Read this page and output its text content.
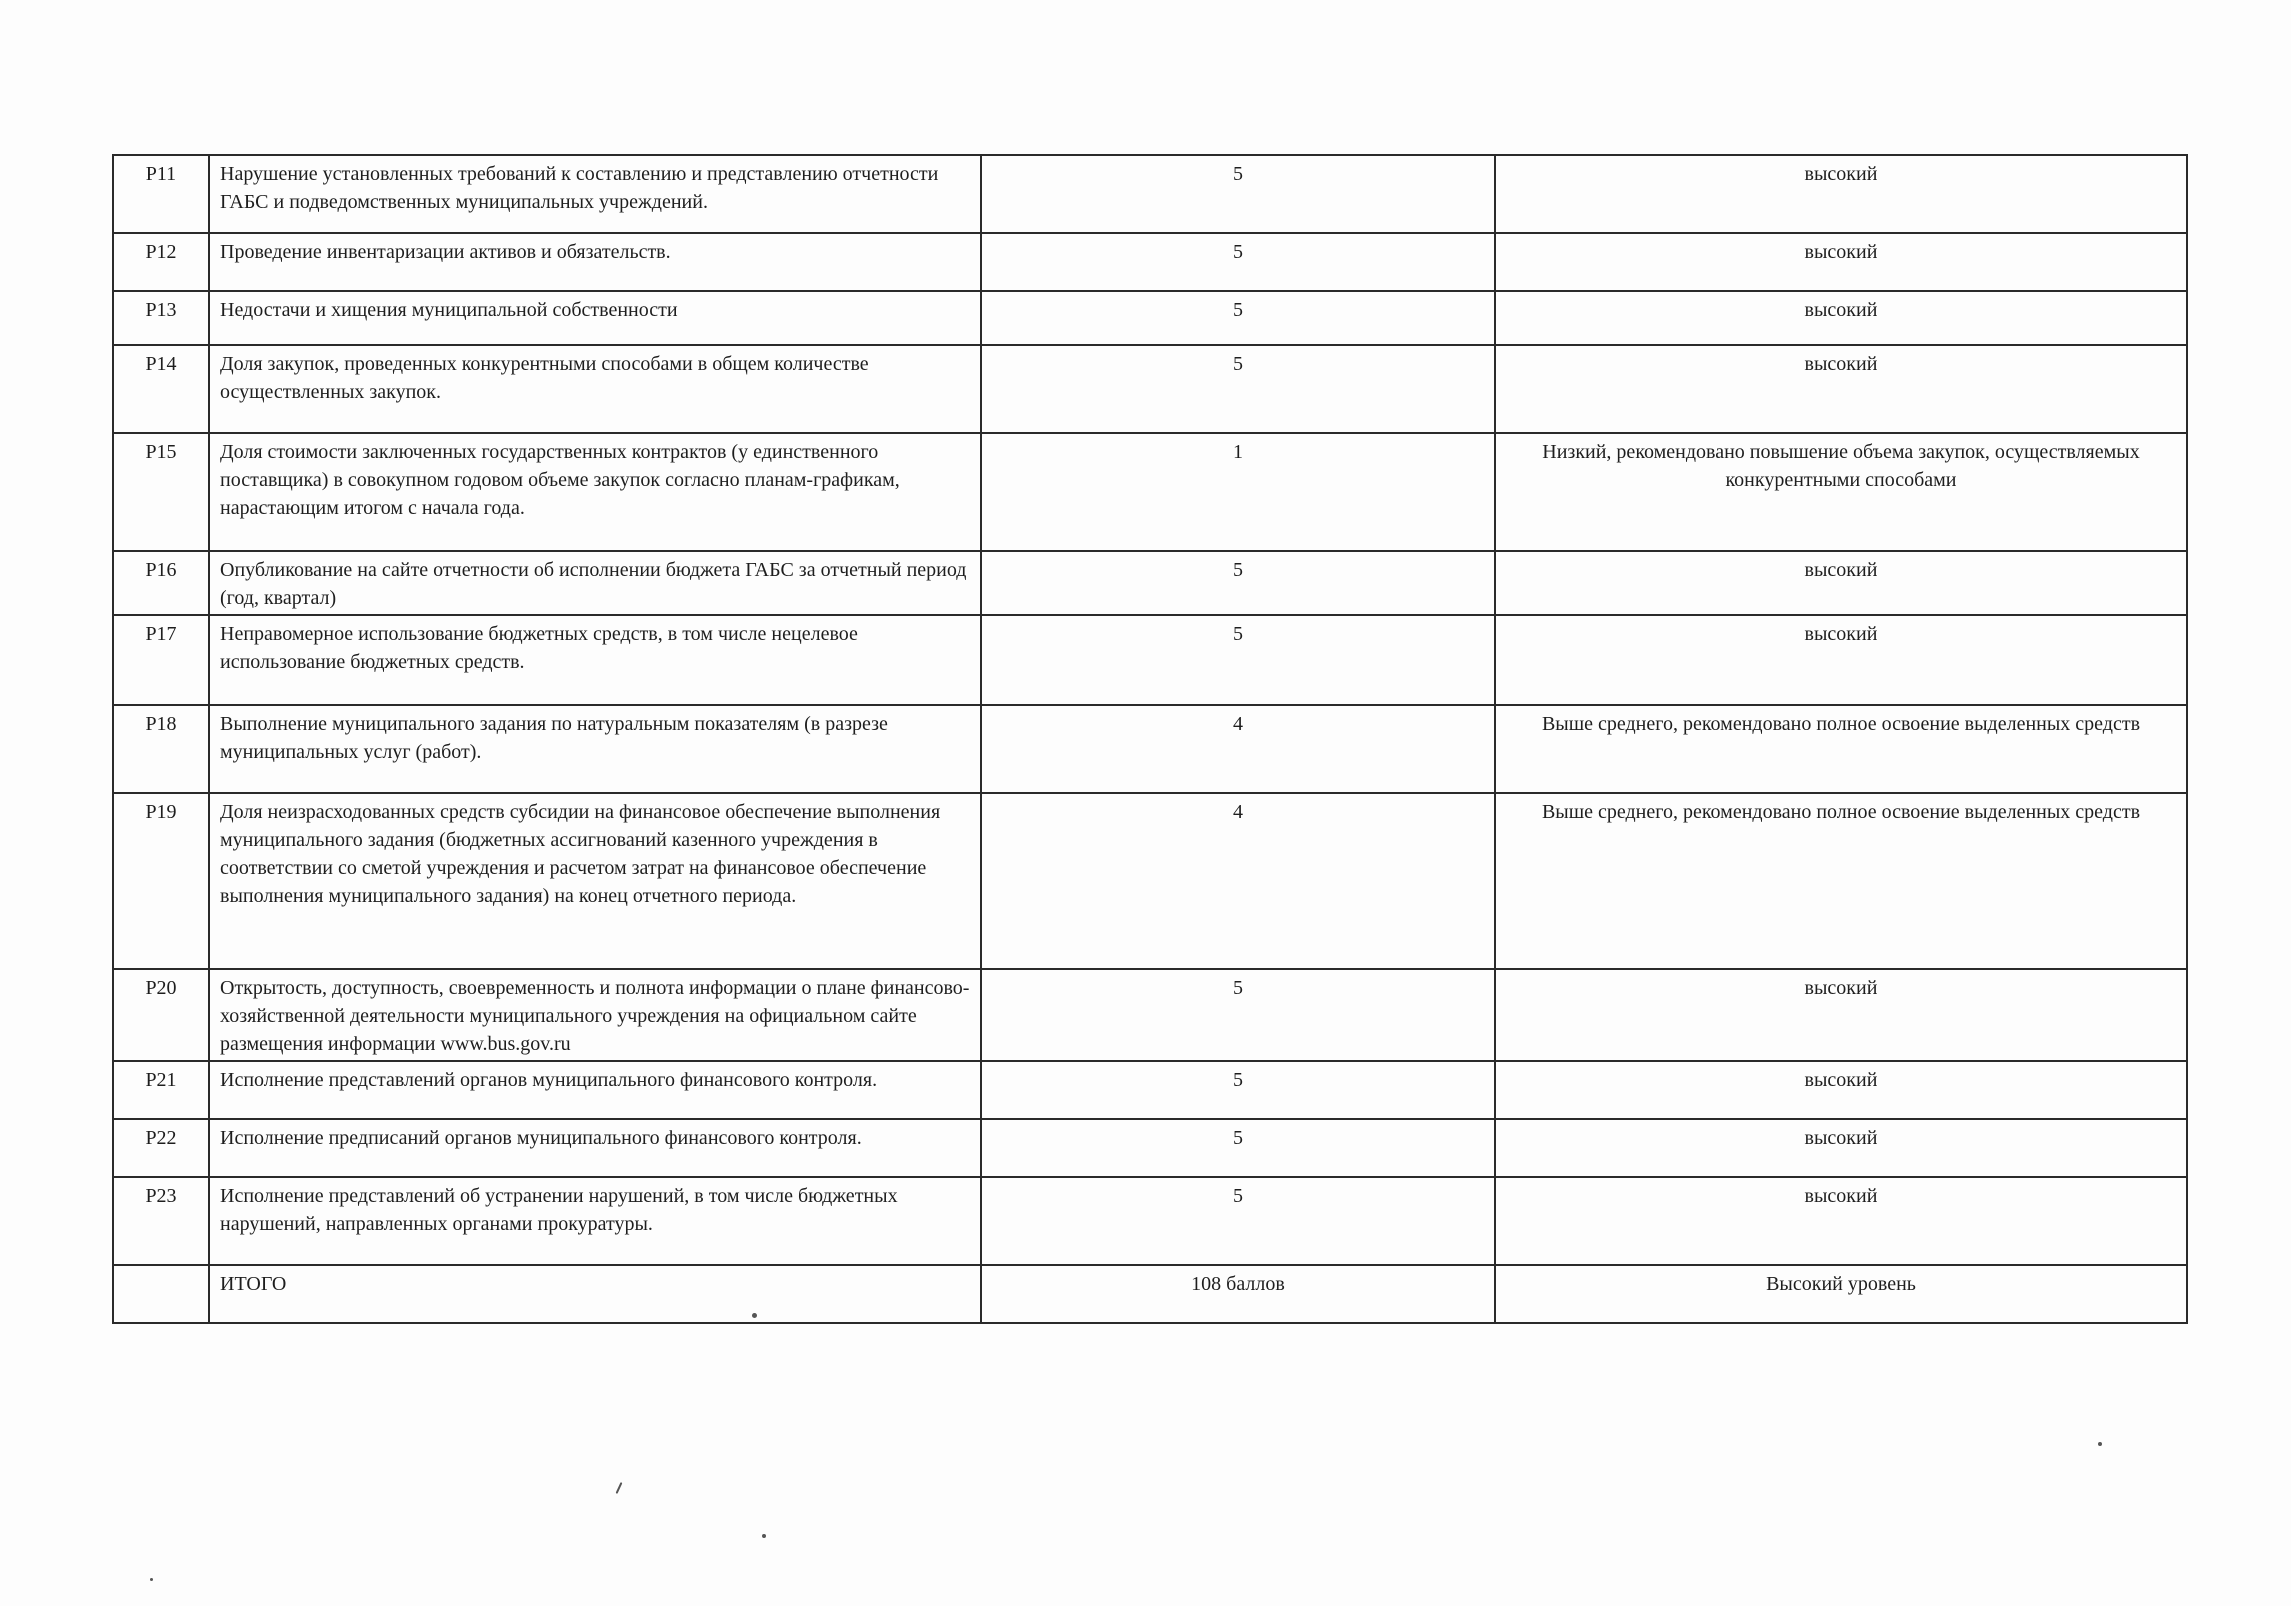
Р11	Нарушение установленных требований к составлению и представлению отчетности ГАБС и подведомственных муниципальных учреждений.	5	высокий
Р12	Проведение инвентаризации активов и обязательств.	5	высокий
Р13	Недостачи и хищения муниципальной собственности	5	высокий
Р14	Доля закупок, проведенных конкурентными способами в общем количестве осуществленных закупок.	5	высокий
Р15	Доля стоимости заключенных государственных контрактов (у единственного поставщика) в совокупном годовом объеме закупок согласно планам-графикам, нарастающим итогом с начала года.	1	Низкий, рекомендовано повышение объема закупок, осуществляемых конкурентными способами
Р16	Опубликование на сайте отчетности об исполнении бюджета ГАБС за отчетный период (год, квартал)	5	высокий
Р17	Неправомерное использование бюджетных средств, в том числе нецелевое использование бюджетных средств.	5	высокий
Р18	Выполнение муниципального задания по натуральным показателям (в разрезе муниципальных услуг (работ).	4	Выше среднего, рекомендовано полное освоение выделенных средств
Р19	Доля неизрасходованных средств субсидии на финансовое обеспечение выполнения муниципального задания (бюджетных ассигнований казенного учреждения в соответствии со сметой учреждения и расчетом затрат на финансовое обеспечение выполнения муниципального задания) на конец отчетного периода.	4	Выше среднего, рекомендовано полное освоение выделенных средств
Р20	Открытость, доступность, своевременность и полнота информации о плане финансово-хозяйственной деятельности муниципального учреждения на официальном сайте размещения информации www.bus.gov.ru	5	высокий
Р21	Исполнение представлений органов муниципального финансового контроля.	5	высокий
Р22	Исполнение предписаний органов муниципального финансового контроля.	5	высокий
Р23	Исполнение представлений об устранении нарушений, в том числе бюджетных нарушений, направленных органами прокуратуры.	5	высокий
	ИТОГО	108 баллов	Высокий уровень
